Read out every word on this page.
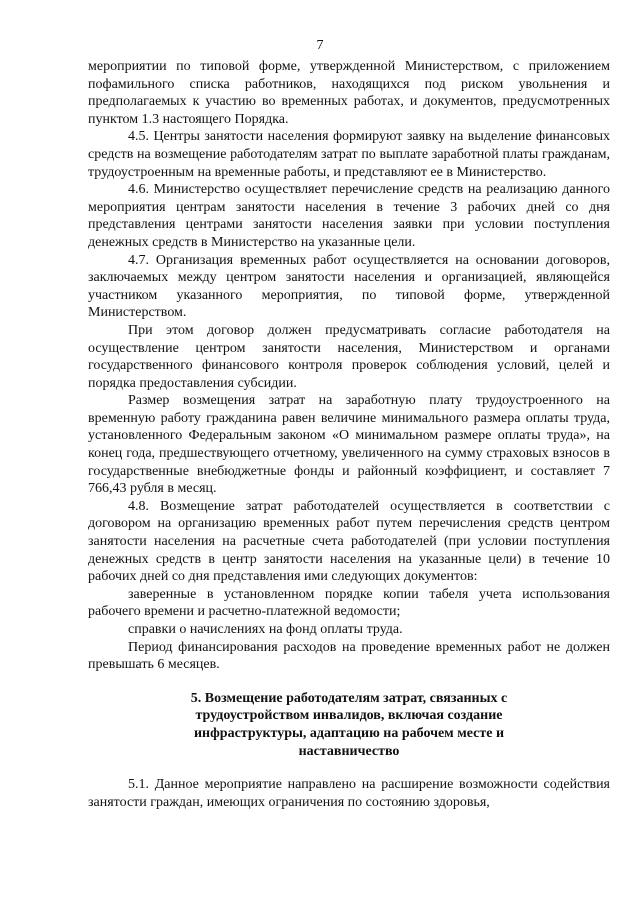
7

мероприятии по типовой форме, утвержденной Министерством, с приложением пофамильного списка работников, находящихся под риском увольнения и предполагаемых к участию во временных работах, и документов, предусмотренных пунктом 1.3 настоящего Порядка.

4.5. Центры занятости населения формируют заявку на выделение финансовых средств на возмещение работодателям затрат по выплате заработной платы гражданам, трудоустроенным на временные работы, и представляют ее в Министерство.

4.6. Министерство осуществляет перечисление средств на реализацию данного мероприятия центрам занятости населения в течение 3 рабочих дней со дня представления центрами занятости населения заявки при условии поступления денежных средств в Министерство на указанные цели.

4.7. Организация временных работ осуществляется на основании договоров, заключаемых между центром занятости населения и организацией, являющейся участником указанного мероприятия, по типовой форме, утвержденной Министерством.

При этом договор должен предусматривать согласие работодателя на осуществление центром занятости населения, Министерством и органами государственного финансового контроля проверок соблюдения условий, целей и порядка предоставления субсидии.

Размер возмещения затрат на заработную плату трудоустроенного на временную работу гражданина равен величине минимального размера оплаты труда, установленного Федеральным законом «О минимальном размере оплаты труда», на конец года, предшествующего отчетному, увеличенного на сумму страховых взносов в государственные внебюджетные фонды и районный коэффициент, и составляет 7 766,43 рубля в месяц.

4.8. Возмещение затрат работодателей осуществляется в соответствии с договором на организацию временных работ путем перечисления средств центром занятости населения на расчетные счета работодателей (при условии поступления денежных средств в центр занятости населения на указанные цели) в течение 10 рабочих дней со дня представления ими следующих документов:

заверенные в установленном порядке копии табеля учета использования рабочего времени и расчетно-платежной ведомости;

справки о начислениях на фонд оплаты труда.

Период финансирования расходов на проведение временных работ не должен превышать 6 месяцев.

5. Возмещение работодателям затрат, связанных с
трудоустройством инвалидов, включая создание
инфраструктуры, адаптацию на рабочем месте и
наставничество

5.1. Данное мероприятие направлено на расширение возможности содействия занятости граждан, имеющих ограничения по состоянию здоровья,
